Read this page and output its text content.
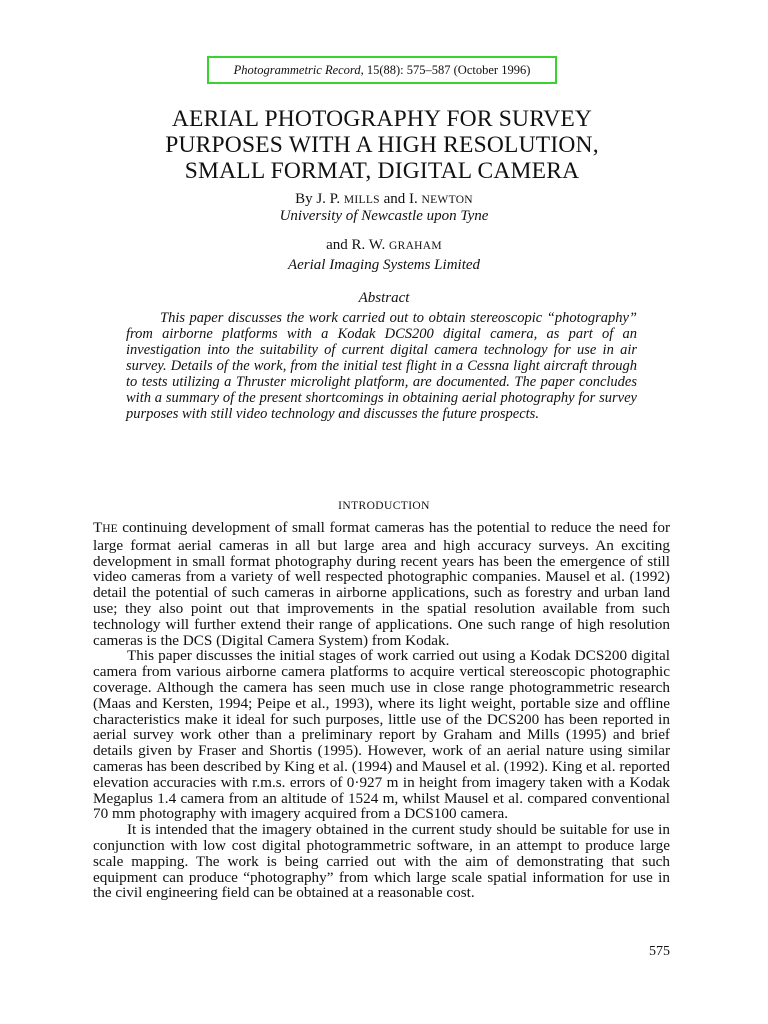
Photogrammetric Record, 15(88): 575–587 (October 1996)
AERIAL PHOTOGRAPHY FOR SURVEY
PURPOSES WITH A HIGH RESOLUTION,
SMALL FORMAT, DIGITAL CAMERA
By J. P. MILLS and I. NEWTON
University of Newcastle upon Tyne
and R. W. GRAHAM
Aerial Imaging Systems Limited
Abstract

This paper discusses the work carried out to obtain stereoscopic “photography” from airborne platforms with a Kodak DCS200 digital camera, as part of an investigation into the suitability of current digital camera technology for use in air survey. Details of the work, from the initial test flight in a Cessna light aircraft through to tests utilizing a Thruster microlight platform, are documented. The paper concludes with a summary of the present shortcomings in obtaining aerial photography for survey purposes with still video technology and discusses the future prospects.

INTRODUCTION

THE continuing development of small format cameras has the potential to reduce the need for large format aerial cameras in all but large area and high accuracy surveys. An exciting development in small format photography during recent years has been the emergence of still video cameras from a variety of well respected photographic companies. Mausel et al. (1992) detail the potential of such cameras in airborne applications, such as forestry and urban land use; they also point out that improvements in the spatial resolution available from such technology will further extend their range of applications. One such range of high resolution cameras is the DCS (Digital Camera System) from Kodak.

This paper discusses the initial stages of work carried out using a Kodak DCS200 digital camera from various airborne camera platforms to acquire vertical stereoscopic photographic coverage. Although the camera has seen much use in close range photogrammetric research (Maas and Kersten, 1994; Peipe et al., 1993), where its light weight, portable size and offline characteristics make it ideal for such purposes, little use of the DCS200 has been reported in aerial survey work other than a preliminary report by Graham and Mills (1995) and brief details given by Fraser and Shortis (1995). However, work of an aerial nature using similar cameras has been described by King et al. (1994) and Mausel et al. (1992). King et al. reported elevation accuracies with r.m.s. errors of 0·927 m in height from imagery taken with a Kodak Megaplus 1.4 camera from an altitude of 1524 m, whilst Mausel et al. compared conventional 70 mm photography with imagery acquired from a DCS100 camera.

It is intended that the imagery obtained in the current study should be suitable for use in conjunction with low cost digital photogrammetric software, in an attempt to produce large scale mapping. The work is being carried out with the aim of demonstrating that such equipment can produce “photography” from which large scale spatial information for use in the civil engineering field can be obtained at a reasonable cost.

575
